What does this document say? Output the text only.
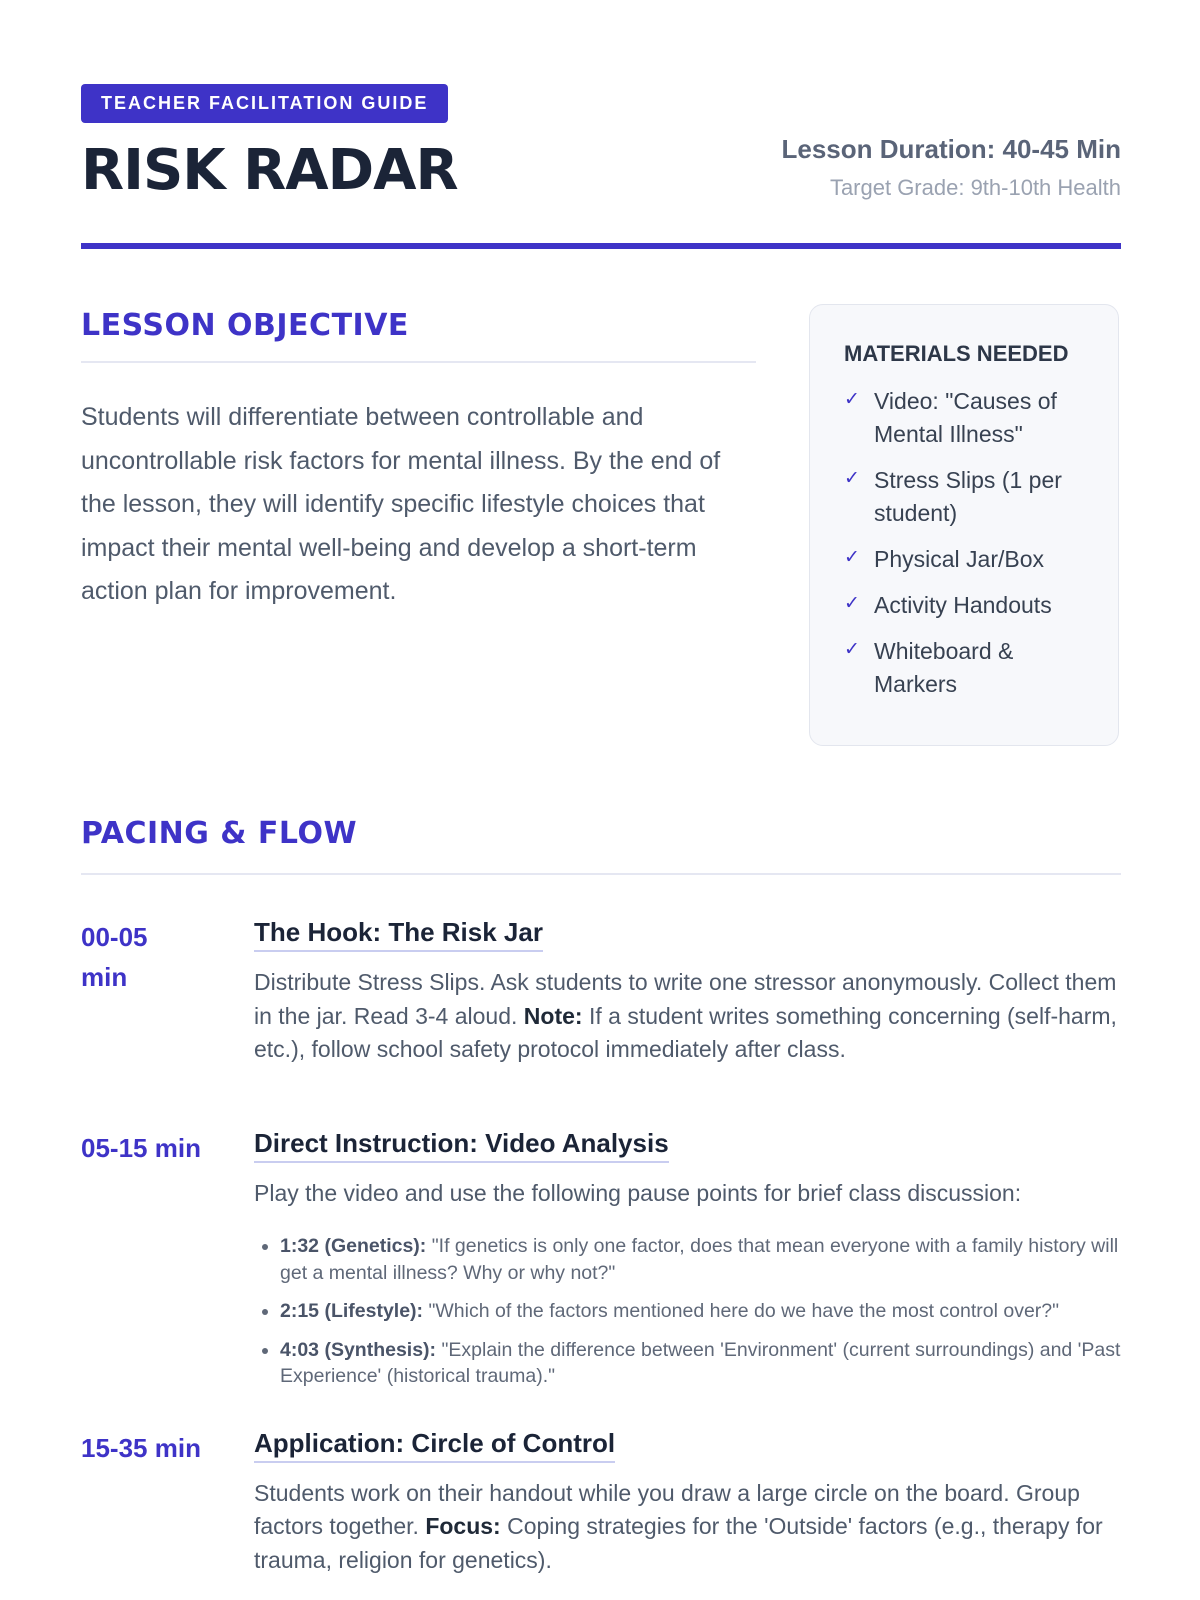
TEACHER FACILITATION GUIDE
RISK RADAR	Lesson Duration: 40-45 Min
Target Grade: 9th-10th Health
LESSON OBJECTIVE

Students will differentiate between controllable and uncontrollable risk factors for mental illness. By the end of the lesson, they will identify specific lifestyle choices that impact their mental well-being and develop a short-term action plan for improvement.

MATERIALS NEEDED
✓ Video: "Causes of Mental Illness"
✓ Stress Slips (1 per student)
✓ Physical Jar/Box
✓ Activity Handouts
✓ Whiteboard & Markers
PACING & FLOW
00-05 min
The Hook: The Risk Jar

Distribute Stress Slips. Ask students to write one stressor anonymously. Collect them in the jar. Read 3-4 aloud. Note: If a student writes something concerning (self-harm, etc.), follow school safety protocol immediately after class.

05-15 min	Direct Instruction: Video Analysis

Play the video and use the following pause points for brief class discussion:

• 1:32 (Genetics): "If genetics is only one factor, does that mean everyone with a family history will get a mental illness? Why or why not?"
• 2:15 (Lifestyle): "Which of the factors mentioned here do we have the most control over?"
• 4:03 (Synthesis): "Explain the difference between 'Environment' (current surroundings) and 'Past Experience' (historical trauma)."
15-35 min	Application: Circle of Control

Students work on their handout while you draw a large circle on the board. Group factors together. Focus: Coping strategies for the 'Outside' factors (e.g., therapy for trauma, religion for genetics).
